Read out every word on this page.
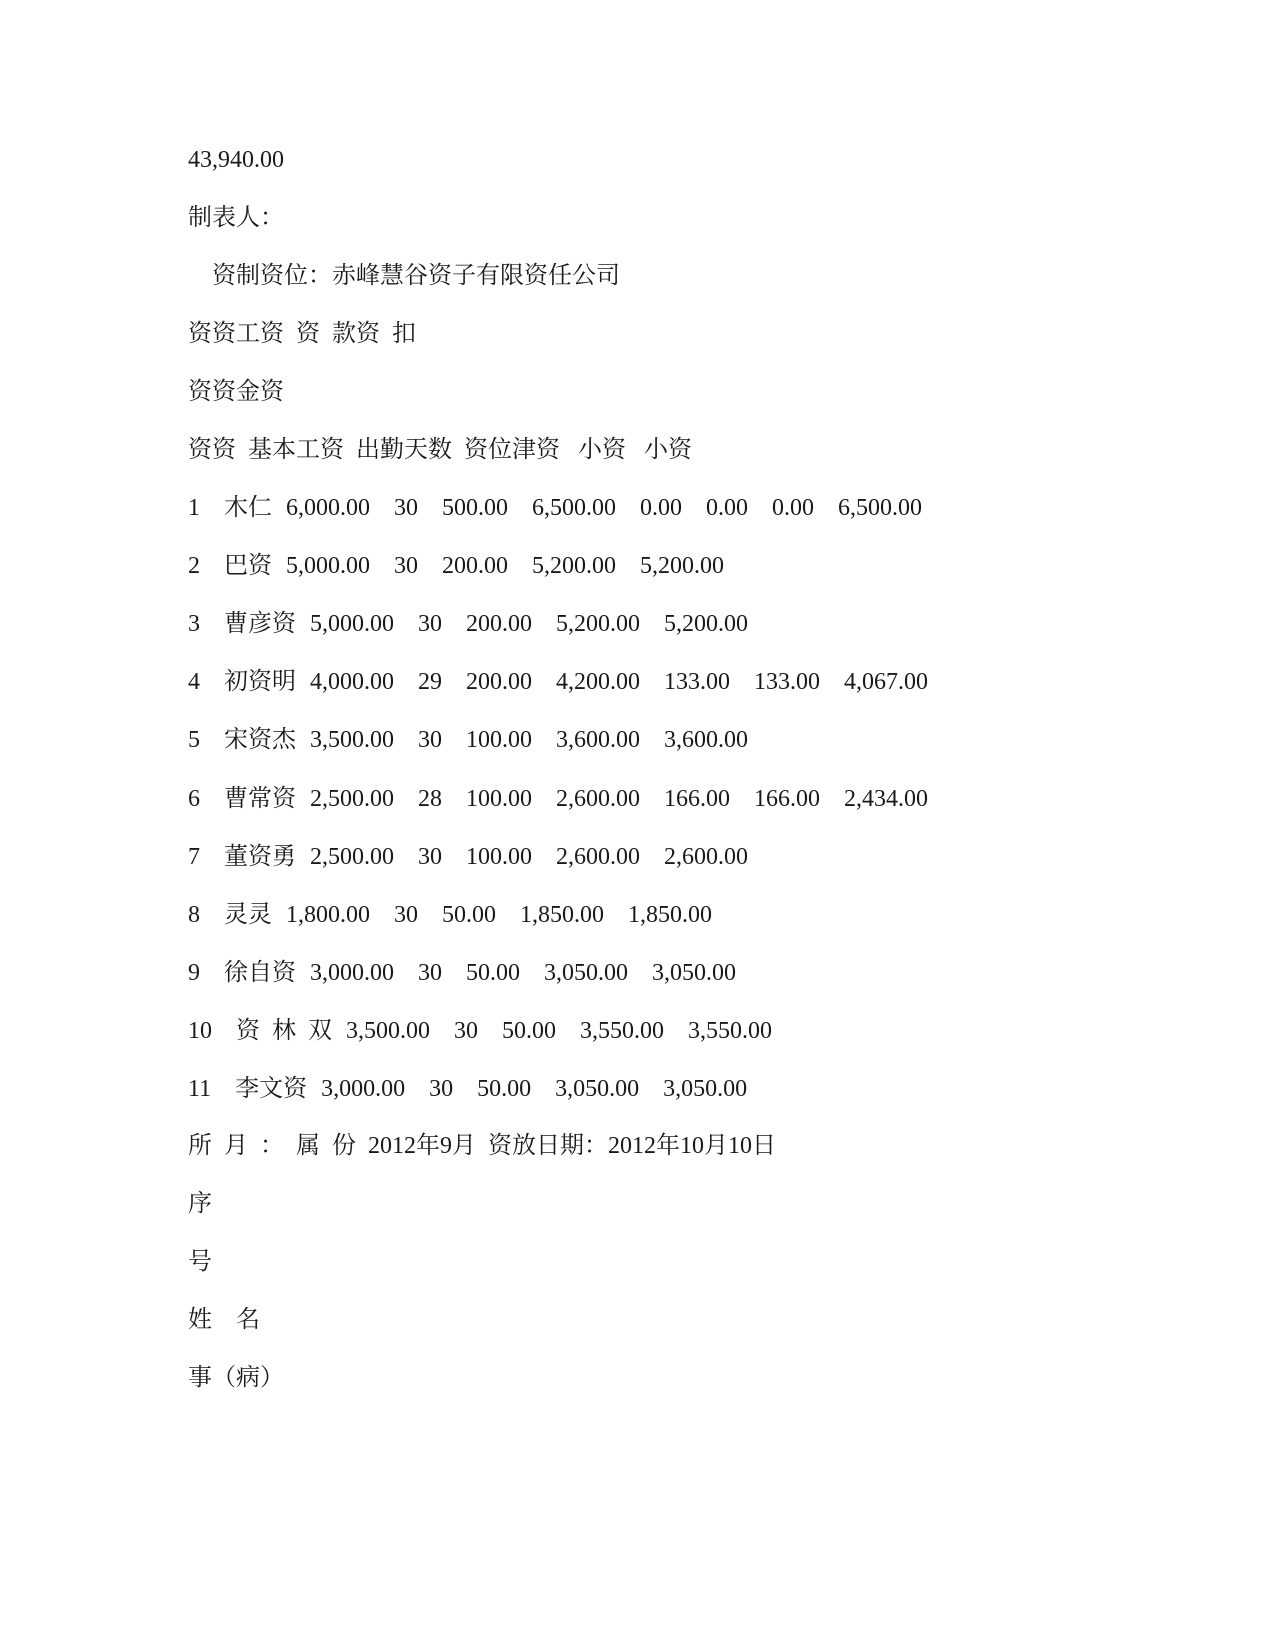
43,940.00
制表人：
资制资位：赤峰慧谷资子有限资任公司
资资工资  资  款资  扣
资资金资
资资  基本工资  出勤天数  资位津资   小资   小资
1 木仁 6,000.00 30 500.00 6,500.00 0.00 0.00 0.00 6,500.00
2 巴资 5,000.00 30 200.00 5,200.00 5,200.00
3 曹彦资 5,000.00 30 200.00 5,200.00 5,200.00
4 初资明 4,000.00 29 200.00 4,200.00 133.00 133.00 4,067.00
5 宋资杰 3,500.00 30 100.00 3,600.00 3,600.00
6 曹常资 2,500.00 28 100.00 2,600.00 166.00 166.00 2,434.00
7 董资勇 2,500.00 30 100.00 2,600.00 2,600.00
8 灵灵 1,800.00 30 50.00 1,850.00 1,850.00
9 徐自资 3,000.00 30 50.00 3,050.00 3,050.00
10 资  林  双 3,500.00 30 50.00 3,550.00 3,550.00
11 李文资 3,000.00 30 50.00 3,050.00 3,050.00
所  月  ：  属  份  2012年9月  资放日期：2012年10月10日
序
号
姓    名
事（病）
